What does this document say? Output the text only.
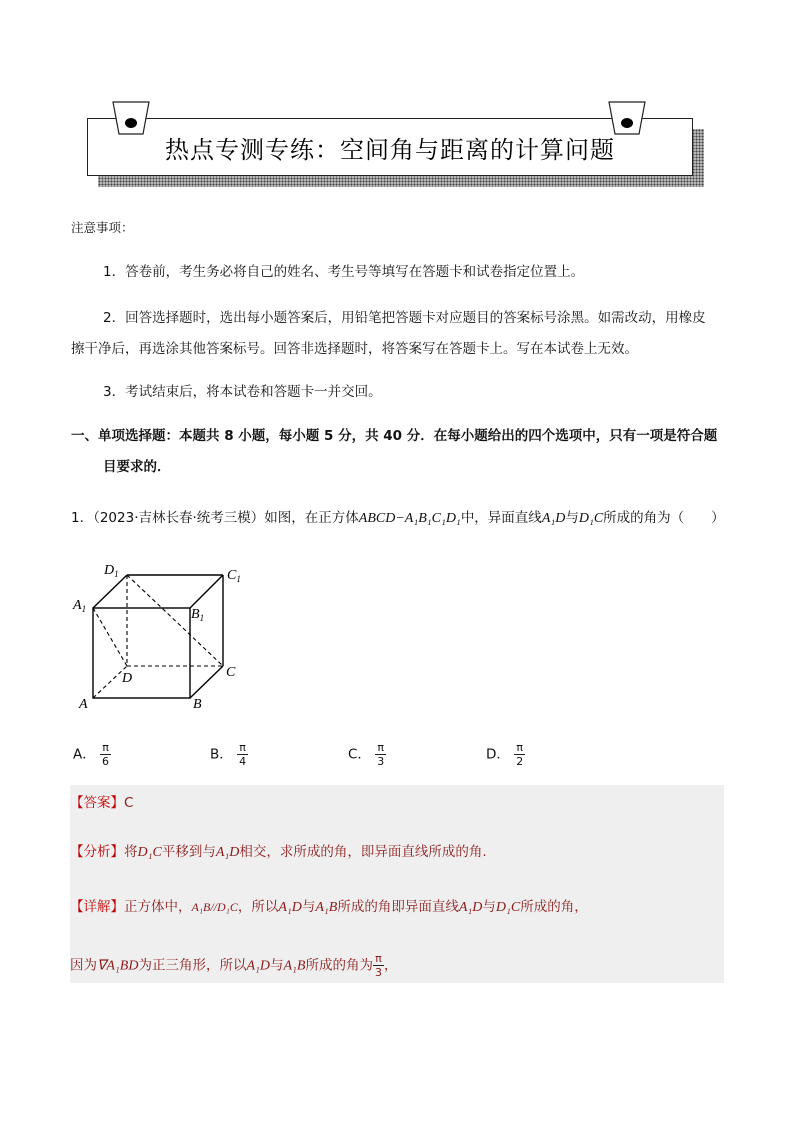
热点专测专练：空间角与距离的计算问题
注意事项：
1．答卷前，考生务必将自己的姓名、考生号等填写在答题卡和试卷指定位置上。
2．回答选择题时，选出每小题答案后，用铅笔把答题卡对应题目的答案标号涂黑。如需改动，用橡皮
擦干净后，再选涂其他答案标号。回答非选择题时，将答案写在答题卡上。写在本试卷上无效。
3．考试结束后，将本试卷和答题卡一并交回。
一、单项选择题：本题共 8 小题，每小题 5 分，共 40 分．在每小题给出的四个选项中，只有一项是符合题
目要求的．
1．（2023·吉林长春·统考三模）如图，在正方体ABCD−A₁B₁C₁D₁中，异面直线A₁D与D₁C所成的角为（　　）
$D_1$	$C_1$
$A_1$	$B_1$
D	C
A	B
A． $\frac{\pi}{6}$	B． $\frac{\pi}{4}$	C． $\frac{\pi}{3}$	D． $\frac{\pi}{2}$
【答案】C
【分析】将D₁C平移到与A₁D相交，求所成的角，即异面直线所成的角.
【详解】正方体中，A₁B//D₁C，所以A₁D与A₁B所成的角即异面直线A₁D与D₁C所成的角，
因为∇A₁BD为正三角形，所以A₁D与A₁B所成的角为 $\frac{\pi}{3}$ ，
